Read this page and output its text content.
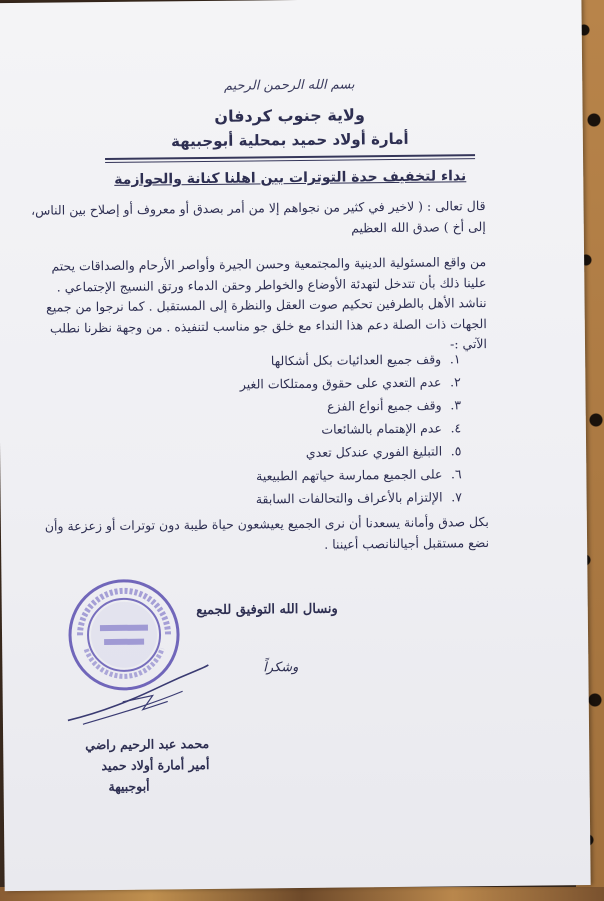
بسم الله الرحمن الرحيم
ولاية جنوب كردفان
أمارة أولاد حميد بمحلية أبوجبيهة
نداء لتخفيف حدة التوترات بين اهلنا كنانة والحوازمة
قال تعالى : ( لاخير في كثير من نجواهم إلا من أمر بصدق أو معروف أو إصلاح بين الناس، إلى أخ ) صدق الله العظيم
من واقع المسئولية الدينية والمجتمعية وحسن الجيرة وأواصر الأرحام والصداقات يحتم علينا ذلك بأن تتدخل لتهدئة الأوضاع والخواطر وحقن الدماء ورتق النسيج الإجتماعي . نناشد الأهل بالطرفين تحكيم صوت العقل والنظرة إلى المستقبل . كما نرجوا من جميع الجهات ذات الصلة دعم هذا النداء مع خلق جو مناسب لتنفيذه . من وجهة نظرنا نطلب الآتي :-
١. وقف جميع العدائيات بكل أشكالها
٢. عدم التعدي على حقوق وممتلكات الغير
٣. وقف جميع أنواع الفزع
٤. عدم الإهتمام بالشائعات
٥. التبليغ الفوري عندكل تعدي
٦. على الجميع ممارسة حياتهم الطبيعية
٧. الإلتزام بالأعراف والتحالفات السابقة
بكل صدق وأمانة يسعدنا أن نرى الجميع يعيشعون حياة طيبة دون توترات أو زعزعة وأن نضع مستقبل أجيالنانصب أعيننا .
ونسال الله التوفيق للجميع
وشكراً
محمد عبد الرحيم راضي
أمير أمارة أولاد حميد
أبوجبيهة
